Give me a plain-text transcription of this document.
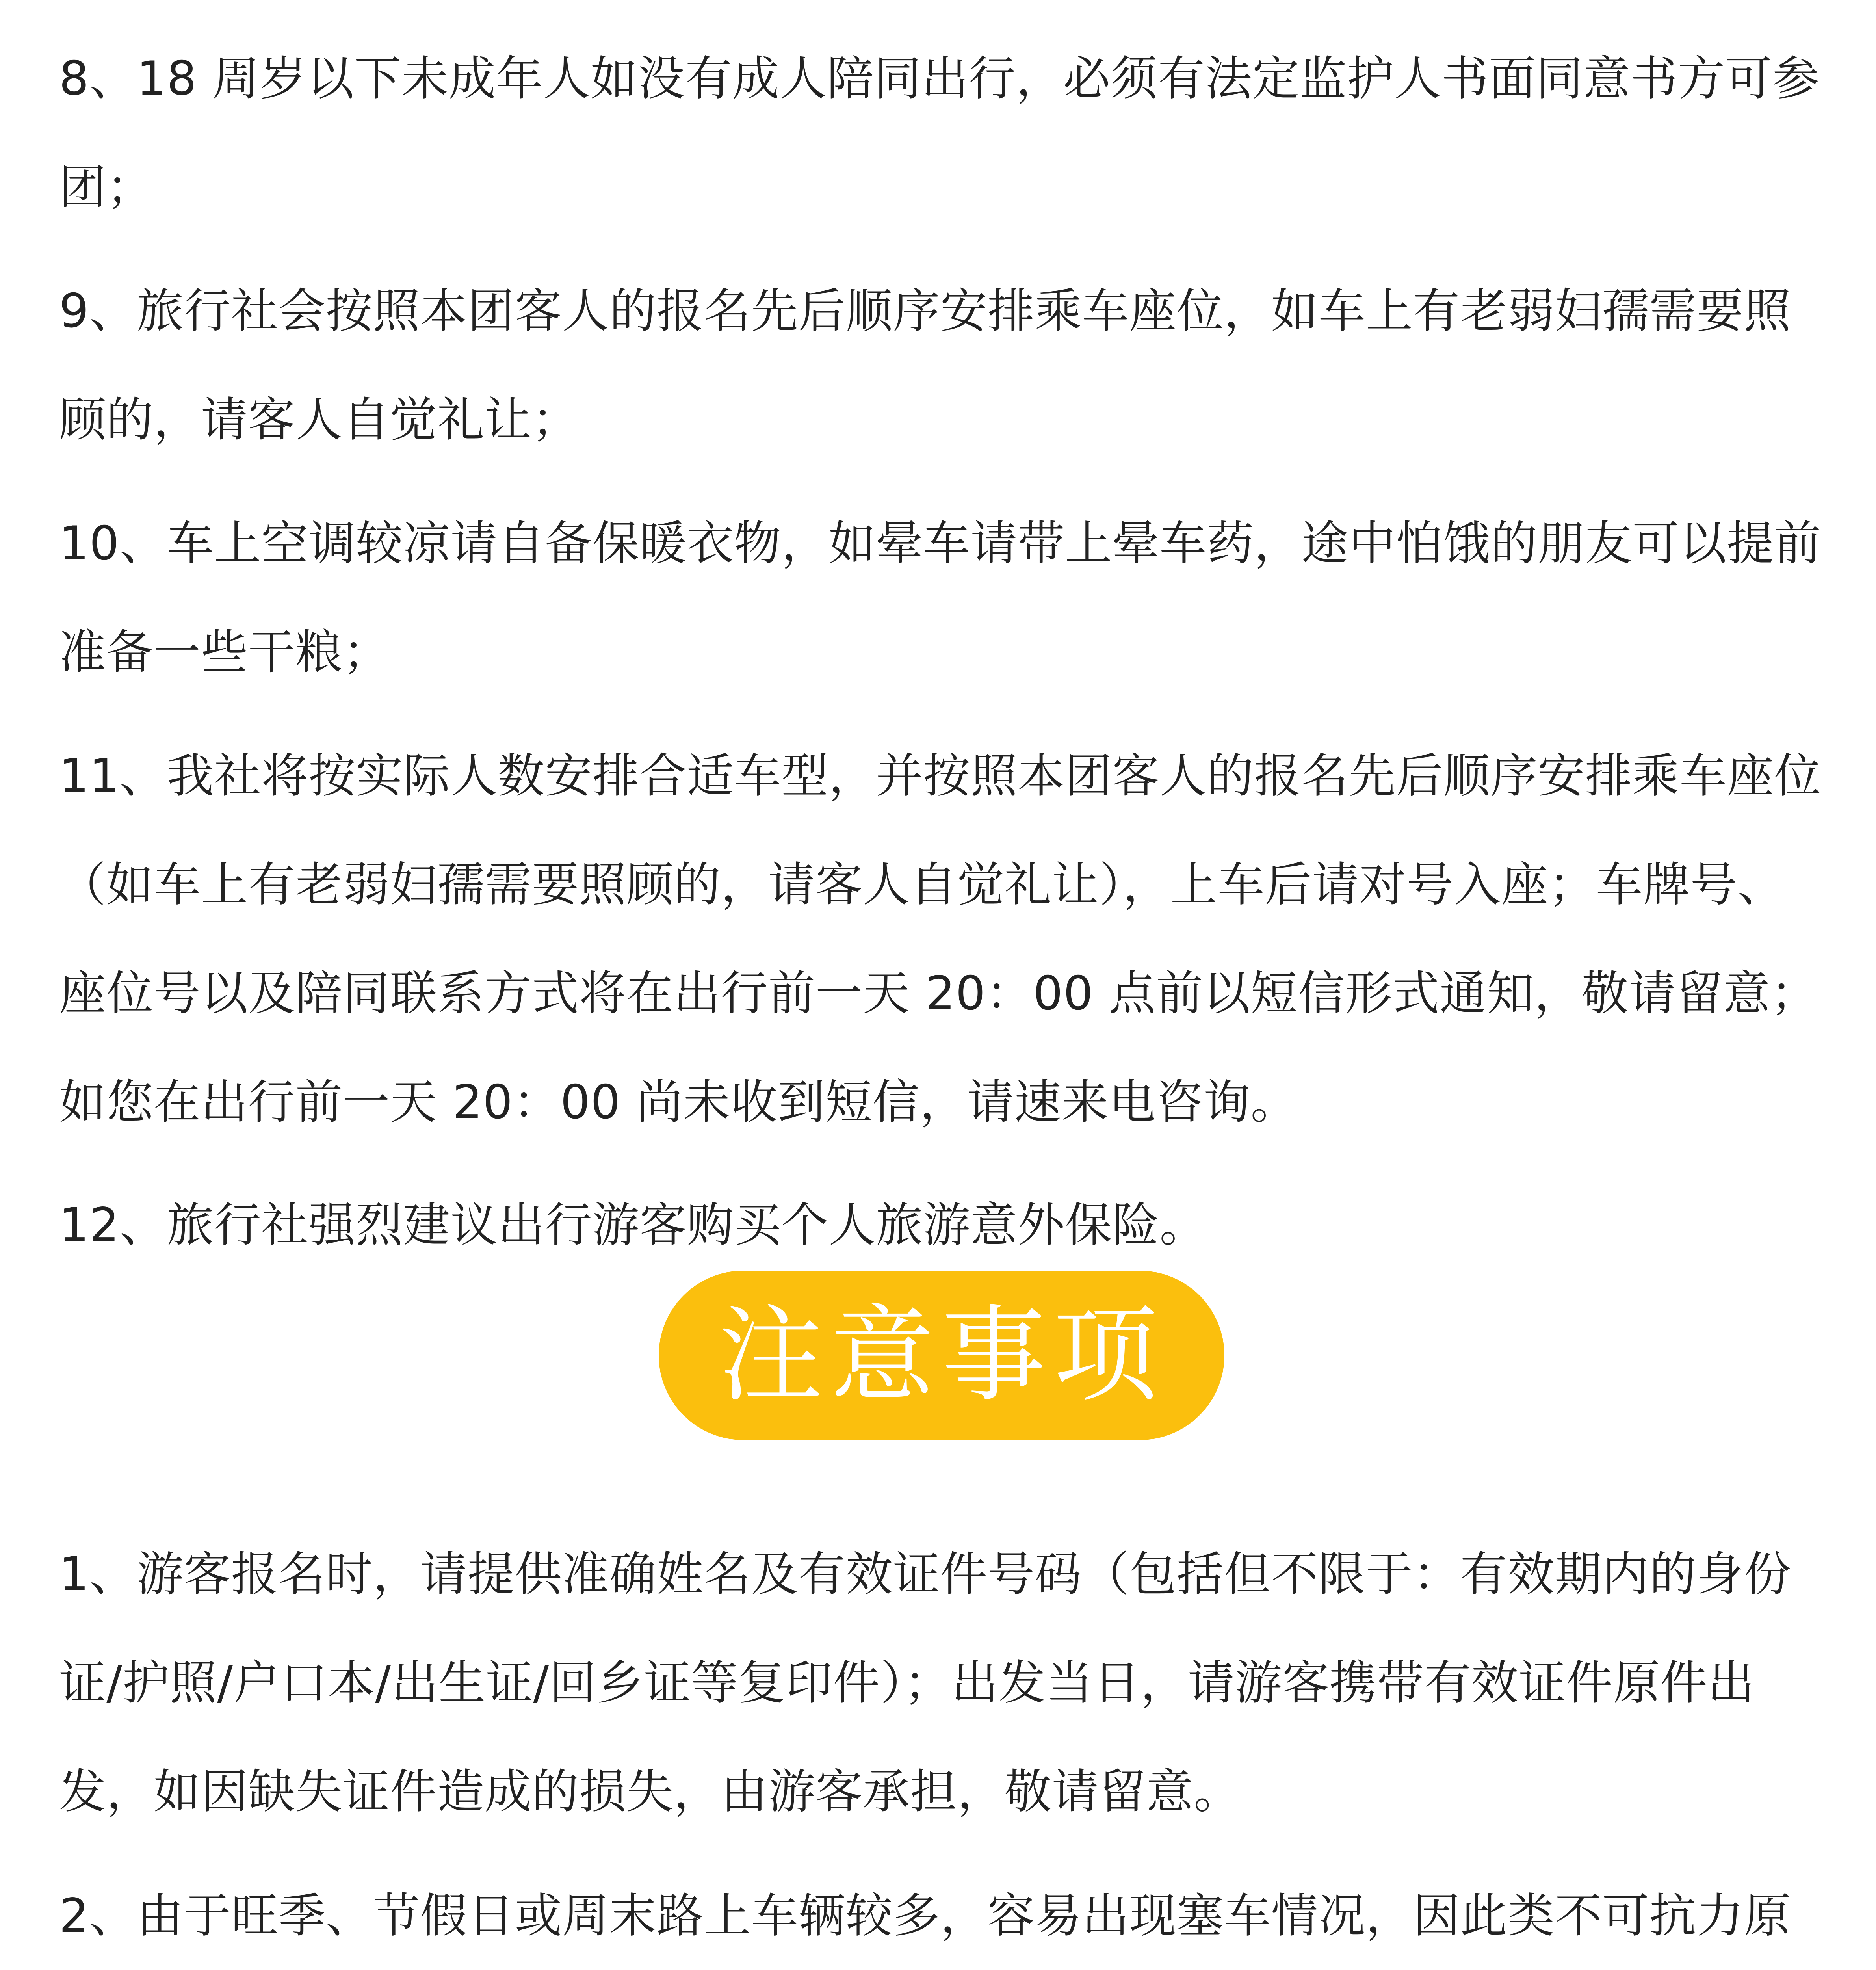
8、18 周岁以下未成年人如没有成人陪同出行，必须有法定监护人书面同意书方可参团；

9、旅行社会按照本团客人的报名先后顺序安排乘车座位，如车上有老弱妇孺需要照顾的，请客人自觉礼让；

10、车上空调较凉请自备保暖衣物，如晕车请带上晕车药，途中怕饿的朋友可以提前准备一些干粮；

11、我社将按实际人数安排合适车型，并按照本团客人的报名先后顺序安排乘车座位（如车上有老弱妇孺需要照顾的，请客人自觉礼让），上车后请对号入座；车牌号、座位号以及陪同联系方式将在出行前一天 20：00 点前以短信形式通知，敬请留意；如您在出行前一天 20：00 尚未收到短信，请速来电咨询。

12、旅行社强烈建议出行游客购买个人旅游意外保险。

注意事项

1、游客报名时，请提供准确姓名及有效证件号码（包括但不限于：有效期内的身份证/护照/户口本/出生证/回乡证等复印件）；出发当日，请游客携带有效证件原件出发，如因缺失证件造成的损失，由游客承担，敬请留意。

2、由于旺季、节假日或周末路上车辆较多，容易出现塞车情况，因此类不可抗力原
